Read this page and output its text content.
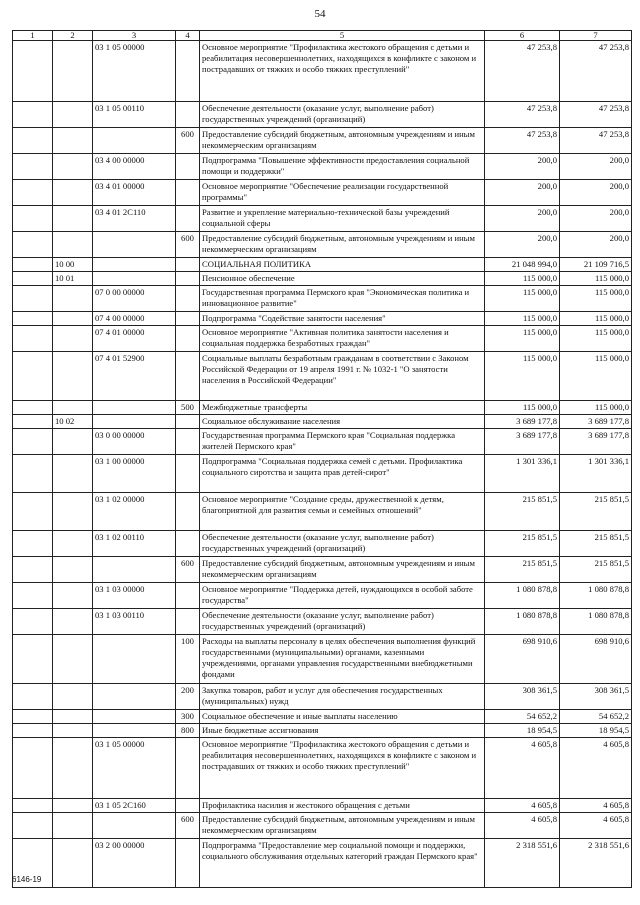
54
1	2	3	4	5	6	7
		03 1 05 00000		Основное мероприятие "Профилактика жестокого обращения с детьми и реабилитация несовершеннолетних, находящихся в конфликте с законом и пострадавших от тяжких и особо тяжких преступлений"	47 253,8	47 253,8
		03 1 05 00110		Обеспечение деятельности (оказание услуг, выполнение работ) государственных учреждений (организаций)	47 253,8	47 253,8
			600	Предоставление субсидий бюджетным, автономным учреждениям и иным некоммерческим организациям	47 253,8	47 253,8
		03 4 00 00000		Подпрограмма "Повышение эффективности предоставления социальной помощи и поддержки"	200,0	200,0
		03 4 01 00000		Основное мероприятие "Обеспечение реализации государственной программы"	200,0	200,0
		03 4 01 2С110		Развитие и укрепление материально-технической базы учреждений социальной сферы	200,0	200,0
			600	Предоставление субсидий бюджетным, автономным учреждениям и иным некоммерческим организациям	200,0	200,0
	10 00			СОЦИАЛЬНАЯ ПОЛИТИКА	21 048 994,0	21 109 716,5
	10 01			Пенсионное обеспечение	115 000,0	115 000,0
		07 0 00 00000		Государственная программа Пермского края "Экономическая политика и инновационное развитие"	115 000,0	115 000,0
		07 4 00 00000		Подпрограмма "Содействие занятости населения"	115 000,0	115 000,0
		07 4 01 00000		Основное мероприятие "Активная политика занятости населения и социальная поддержка безработных граждан"	115 000,0	115 000,0
		07 4 01 52900		Социальные выплаты безработным гражданам в соответствии с Законом Российской Федерации от 19 апреля 1991 г. № 1032-1 "О занятости населения в Российской Федерации"	115 000,0	115 000,0
			500	Межбюджетные трансферты	115 000,0	115 000,0
	10 02			Социальное обслуживание населения	3 689 177,8	3 689 177,8
		03 0 00 00000		Государственная программа Пермского края "Социальная поддержка жителей Пермского края"	3 689 177,8	3 689 177,8
		03 1 00 00000		Подпрограмма "Социальная поддержка семей с детьми. Профилактика социального сиротства и защита прав детей-сирот"	1 301 336,1	1 301 336,1
		03 1 02 00000		Основное мероприятие "Создание среды, дружественной к детям, благоприятной для развития семьи и семейных отношений"	215 851,5	215 851,5
		03 1 02 00110		Обеспечение деятельности (оказание услуг, выполнение работ) государственных учреждений (организаций)	215 851,5	215 851,5
			600	Предоставление субсидий бюджетным, автономным учреждениям и иным некоммерческим организациям	215 851,5	215 851,5
		03 1 03 00000		Основное мероприятие "Поддержка детей, нуждающихся в особой заботе государства"	1 080 878,8	1 080 878,8
		03 1 03 00110		Обеспечение деятельности (оказание услуг, выполнение работ) государственных учреждений (организаций)	1 080 878,8	1 080 878,8
			100	Расходы на выплаты персоналу в целях обеспечения выполнения функций государственными (муниципальными) органами, казенными учреждениями, органами управления государственными внебюджетными фондами	698 910,6	698 910,6
			200	Закупка товаров, работ и услуг для обеспечения государственных (муниципальных) нужд	308 361,5	308 361,5
			300	Социальное обеспечение и иные выплаты населению	54 652,2	54 652,2
			800	Иные бюджетные ассигнования	18 954,5	18 954,5
		03 1 05 00000		Основное мероприятие "Профилактика жестокого обращения с детьми и реабилитация несовершеннолетних, находящихся в конфликте с законом и пострадавших от тяжких и особо тяжких преступлений"	4 605,8	4 605,8
		03 1 05 2С160		Профилактика насилия и жестокого обращения с детьми	4 605,8	4 605,8
			600	Предоставление субсидий бюджетным, автономным учреждениям и иным некоммерческим организациям	4 605,8	4 605,8
		03 2 00 00000		Подпрограмма "Предоставление мер социальной помощи и поддержки, социального обслуживания отдельных категорий граждан Пермского края"	2 318 551,6	2 318 551,6
6146-19
